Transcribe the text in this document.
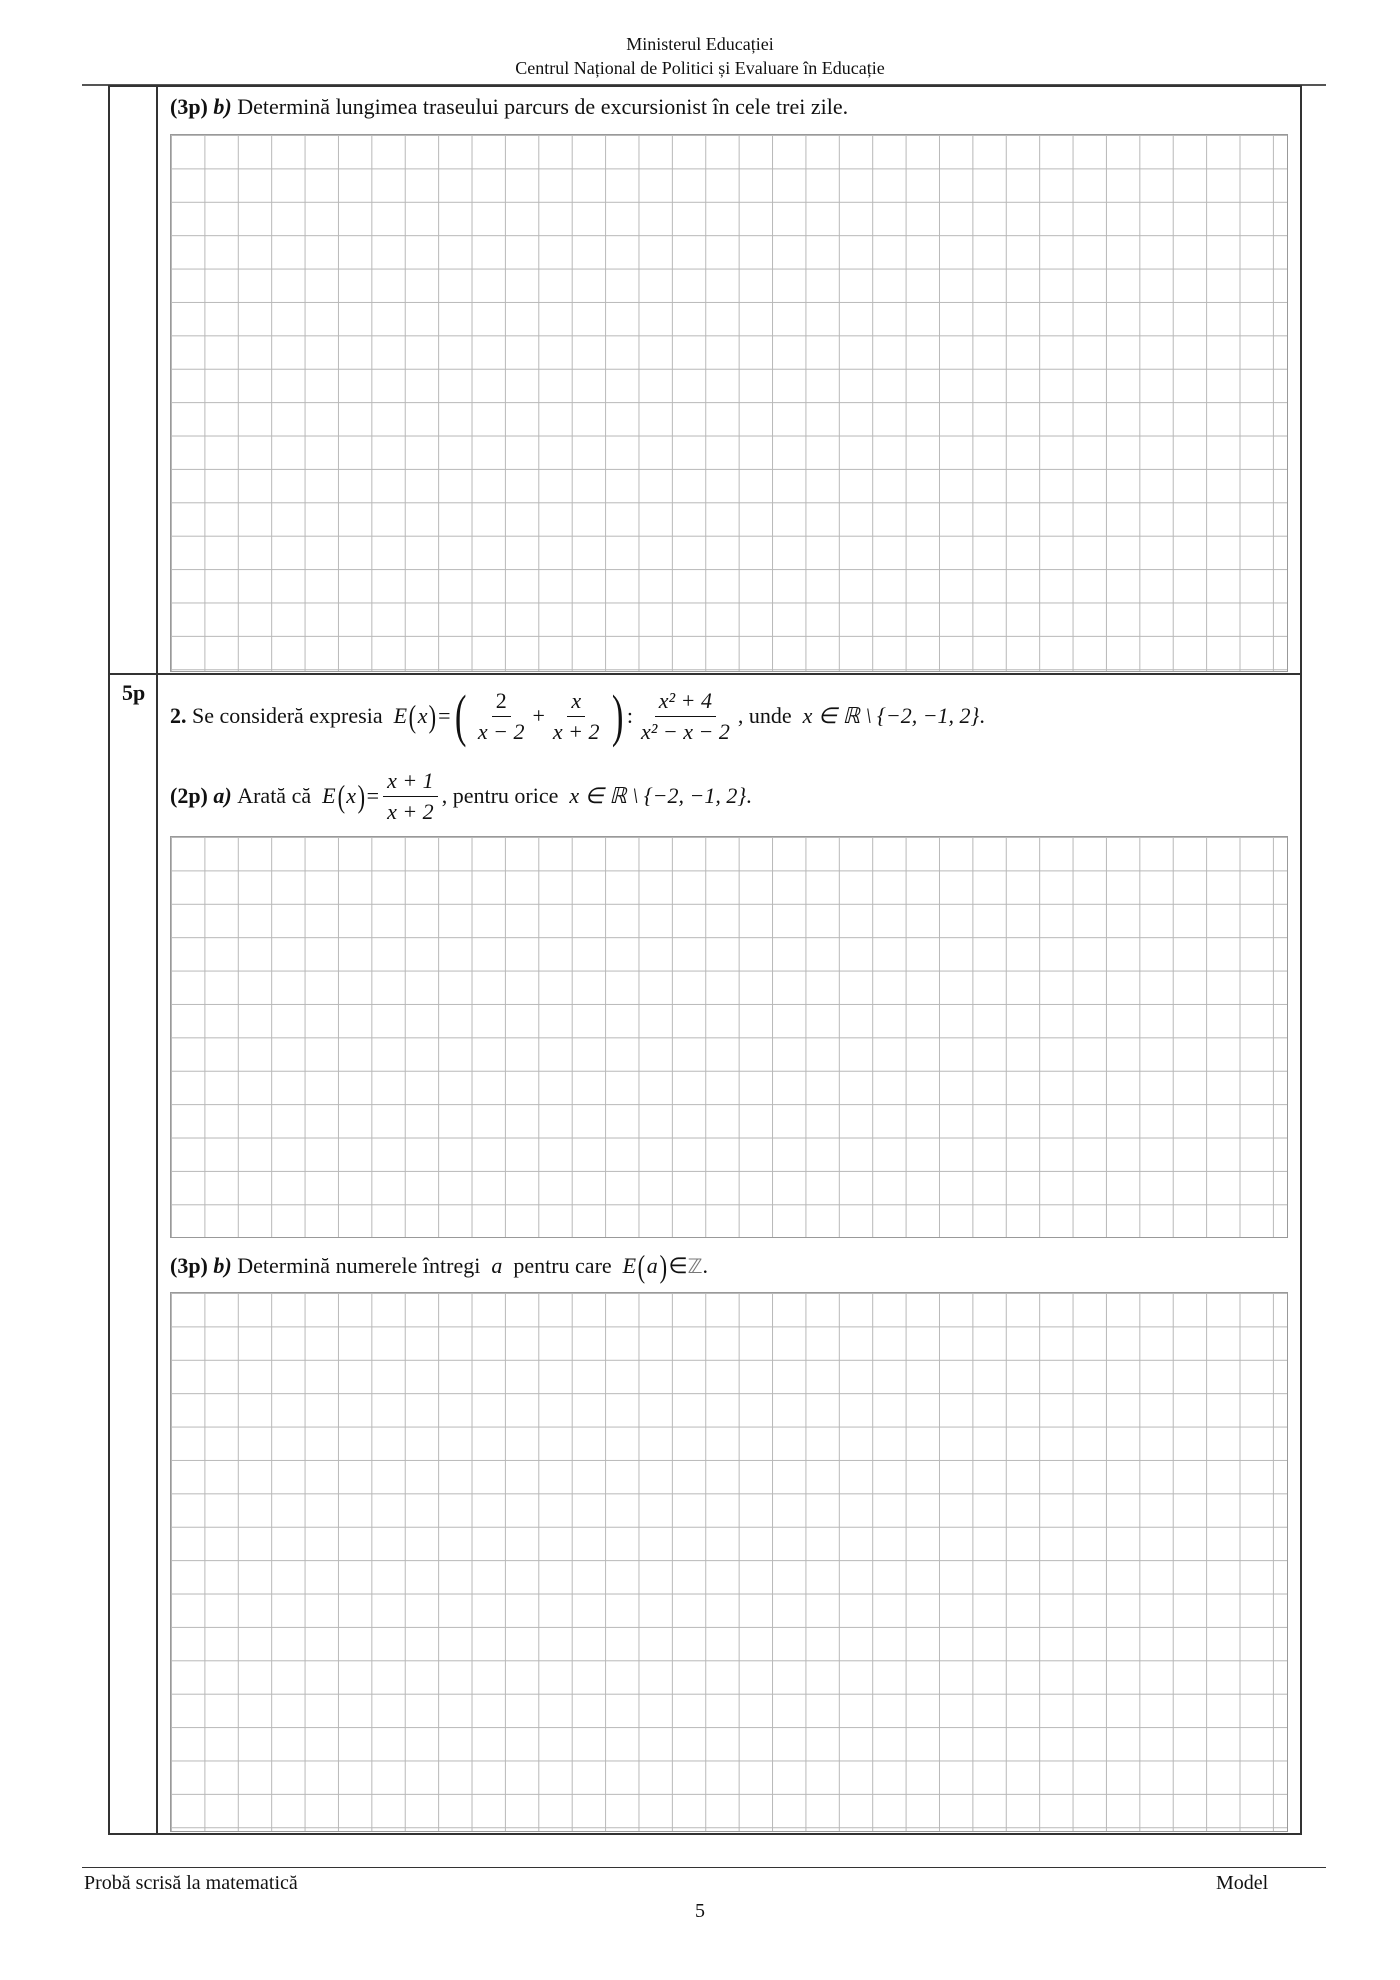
Ministerul Educației
Centrul Național de Politici și Evaluare în Educație
(3p) b) Determină lungimea traseului parcurs de excursionist în cele trei zile.
5p
2.
Se consideră expresia
E ( x ) = ( $\frac{2}{x - 2} + \frac{x}{x + 2}$ ) : $\frac{\text{x² + 4}}{\text{x² − x − 2}}$ , unde
x ∈ ℝ \ {−2, −1, 2} .
(2p)
a)
Arată că
E ( x ) = $\frac{x + 1}{x + 2}$ , pentru orice
x ∈ ℝ \ {−2, −1, 2} .
(3p)
b)
Determină numerele întregi
a
pentru care
E ( a ) ∈ ℤ .
Probă scrisă la matematică	Model
5
